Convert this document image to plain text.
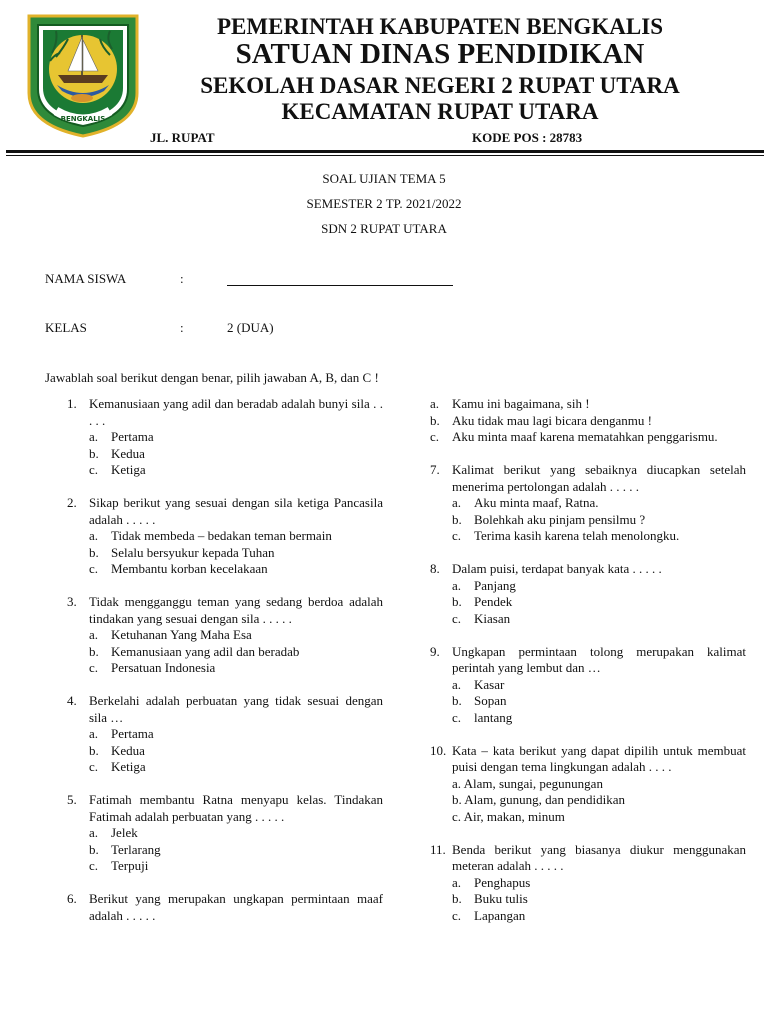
BENGKALIS
PEMERINTAH KABUPATEN BENGKALIS
SATUAN DINAS PENDIDIKAN
SEKOLAH DASAR NEGERI 2 RUPAT UTARA
KECAMATAN RUPAT UTARA
JL. RUPAT	KODE POS : 28783
SOAL UJIAN TEMA 5
SEMESTER 2 TP. 2021/2022
SDN 2 RUPAT UTARA
NAMA SISWA	:
KELAS	:	2 (DUA)
Jawablah soal berikut dengan benar, pilih jawaban A, B, dan C !
1. Kemanusiaan yang adil dan beradab adalah bunyi sila . . . . .
a. Pertama
b. Kedua
c. Ketiga
2. Sikap berikut yang sesuai dengan sila ketiga Pancasila adalah . . . . .
a. Tidak membeda – bedakan teman bermain
b. Selalu bersyukur kepada Tuhan
c. Membantu korban kecelakaan
3. Tidak mengganggu teman yang sedang berdoa adalah tindakan yang sesuai dengan sila . . . . .
a. Ketuhanan Yang Maha Esa
b. Kemanusiaan yang adil dan beradab
c. Persatuan Indonesia
4. Berkelahi adalah perbuatan yang tidak sesuai dengan sila …
a. Pertama
b. Kedua
c. Ketiga
5. Fatimah membantu Ratna menyapu kelas. Tindakan Fatimah adalah perbuatan yang . . . . .
a. Jelek
b. Terlarang
c. Terpuji
6. Berikut yang merupakan ungkapan permintaan maaf adalah . . . . .
a. Kamu ini bagaimana, sih !
b. Aku tidak mau lagi bicara denganmu !
c. Aku minta maaf karena mematahkan penggarismu.
7. Kalimat berikut yang sebaiknya diucapkan setelah menerima pertolongan adalah . . . . .
a. Aku minta maaf, Ratna.
b. Bolehkah aku pinjam pensilmu ?
c. Terima kasih karena telah menolongku.
8. Dalam puisi, terdapat banyak kata . . . . .
a. Panjang
b. Pendek
c. Kiasan
9. Ungkapan permintaan tolong merupakan kalimat perintah yang lembut dan …
a. Kasar
b. Sopan
c. lantang
10. Kata – kata berikut yang dapat dipilih untuk membuat puisi dengan tema lingkungan adalah . . . .
a. Alam, sungai, pegunungan
b. Alam, gunung, dan pendidikan
c. Air, makan, minum
11. Benda berikut yang biasanya diukur menggunakan meteran adalah . . . . .
a. Penghapus
b. Buku tulis
c. Lapangan
